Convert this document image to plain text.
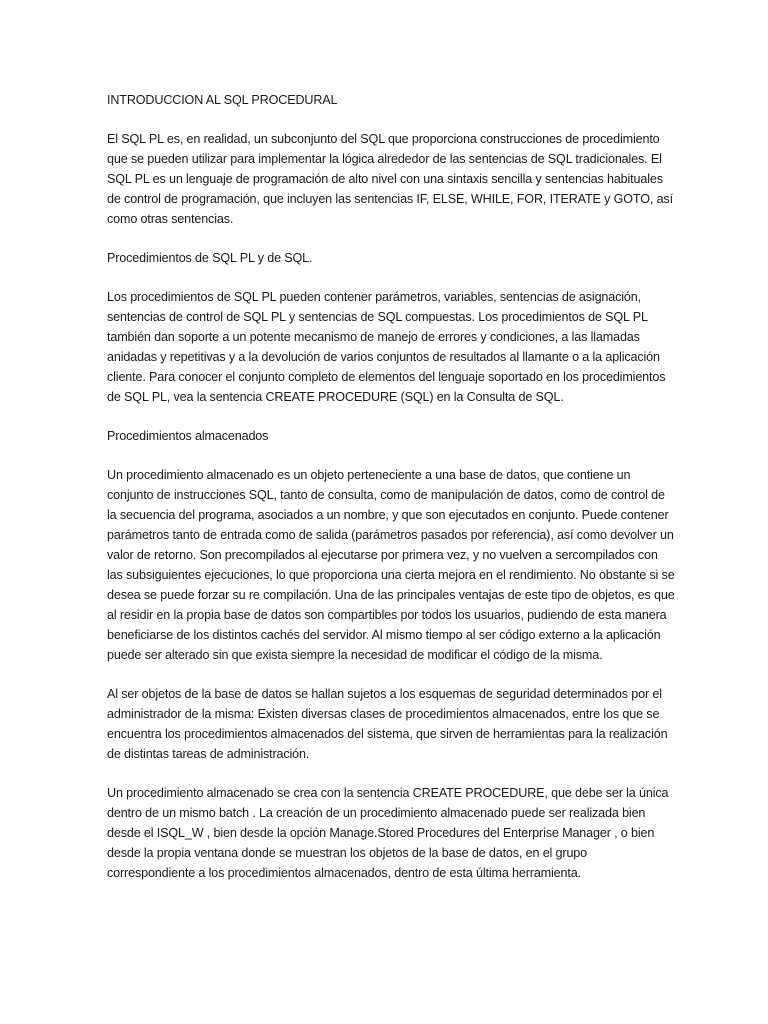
INTRODUCCION AL SQL PROCEDURAL

El SQL PL es, en realidad, un subconjunto del SQL que proporciona construcciones de procedimiento que se pueden utilizar para implementar la lógica alrededor de las sentencias de SQL tradicionales. El SQL PL es un lenguaje de programación de alto nivel con una sintaxis sencilla y sentencias habituales de control de programación, que incluyen las sentencias IF, ELSE, WHILE, FOR, ITERATE y GOTO, así como otras sentencias.

Procedimientos de SQL PL y de SQL.

Los procedimientos de SQL PL pueden contener parámetros, variables, sentencias de asignación, sentencias de control de SQL PL y sentencias de SQL compuestas. Los procedimientos de SQL PL también dan soporte a un potente mecanismo de manejo de errores y condiciones, a las llamadas anidadas y repetitivas y a la devolución de varios conjuntos de resultados al llamante o a la aplicación cliente. Para conocer el conjunto completo de elementos del lenguaje soportado en los procedimientos de SQL PL, vea la sentencia CREATE PROCEDURE (SQL) en la Consulta de SQL.

Procedimientos almacenados

Un procedimiento almacenado es un objeto perteneciente a una base de datos, que contiene un conjunto de instrucciones SQL, tanto de consulta, como de manipulación de datos, como de control de la secuencia del programa, asociados a un nombre, y que son ejecutados en conjunto. Puede contener parámetros tanto de entrada como de salida (parámetros pasados por referencia), así como devolver un valor de retorno. Son precompilados al ejecutarse por primera vez, y no vuelven a sercompilados con las subsiguientes ejecuciones, lo que proporciona una cierta mejora en el rendimiento. No obstante si se desea se puede forzar su re compilación. Una de las principales ventajas de este tipo de objetos, es que al residir en la propia base de datos son compartibles por todos los usuarios, pudiendo de esta manera beneficiarse de los distintos cachés del servidor. Al mismo tiempo al ser código externo a la aplicación puede ser alterado sin que exista siempre la necesidad de modificar el código de la misma.

Al ser objetos de la base de datos se hallan sujetos a los esquemas de seguridad determinados por el administrador de la misma: Existen diversas clases de procedimientos almacenados, entre los que se encuentra los procedimientos almacenados del sistema, que sirven de herramientas para la realización de distintas tareas de administración.

Un procedimiento almacenado se crea con la sentencia CREATE PROCEDURE, que debe ser la única dentro de un mismo batch . La creación de un procedimiento almacenado puede ser realizada bien desde el ISQL_W , bien desde la opción Manage.Stored Procedures del Enterprise Manager , o bien desde la propia ventana donde se muestran los objetos de la base de datos, en el grupo correspondiente a los procedimientos almacenados, dentro de esta última herramienta.
